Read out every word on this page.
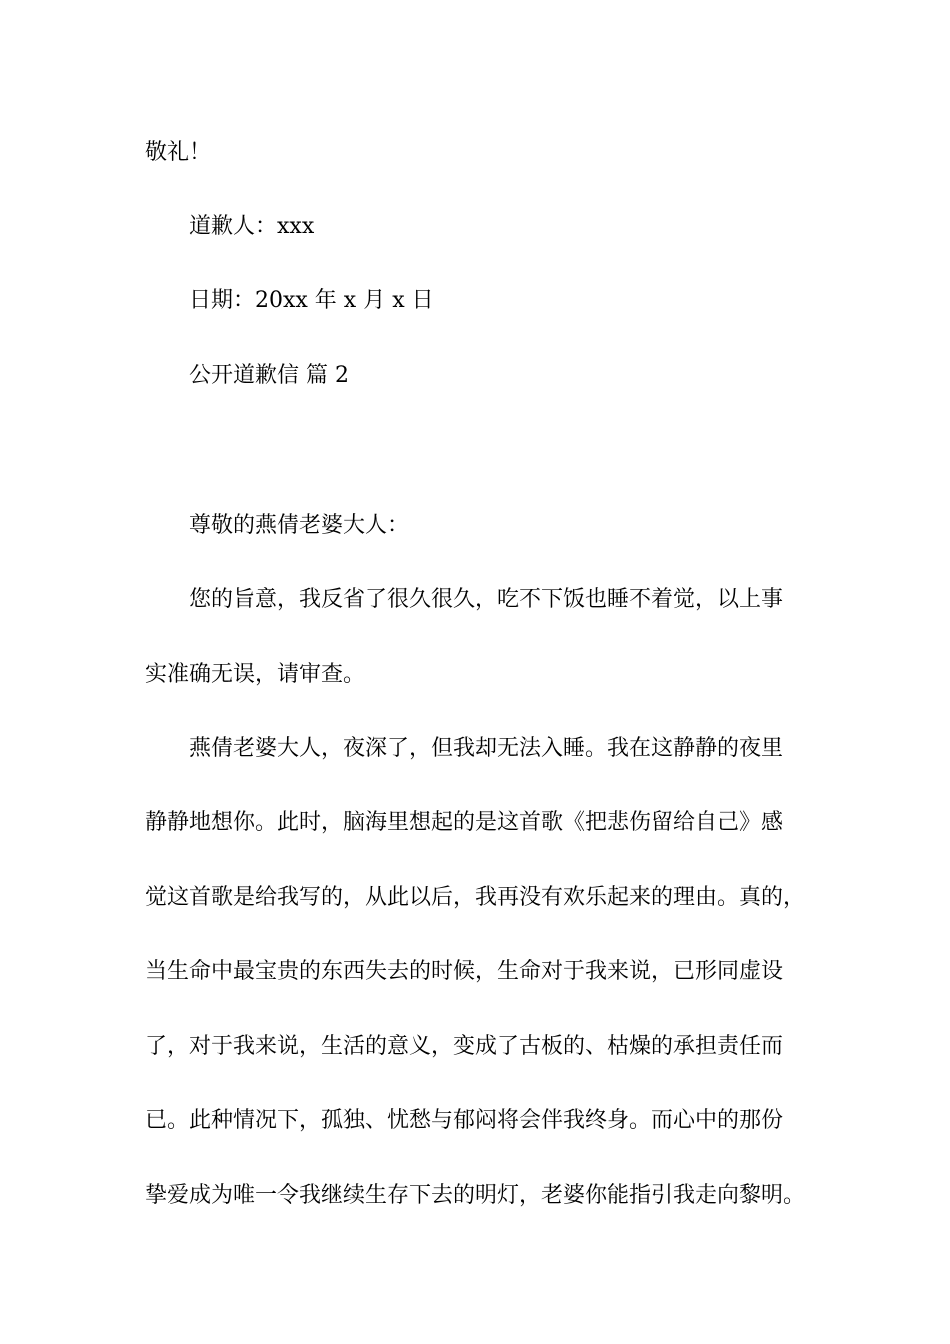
敬礼！
道歉人：xxx
日期：20xx 年 x 月 x 日
公开道歉信 篇 2
尊敬的燕倩老婆大人：
您的旨意，我反省了很久很久，吃不下饭也睡不着觉，以上事
实准确无误，请审查。
燕倩老婆大人，夜深了，但我却无法入睡。我在这静静的夜里
静静地想你。此时，脑海里想起的是这首歌《把悲伤留给自己》感
觉这首歌是给我写的，从此以后，我再没有欢乐起来的理由。真的，
当生命中最宝贵的东西失去的时候，生命对于我来说，已形同虚设
了，对于我来说，生活的意义，变成了古板的、枯燥的承担责任而
已。此种情况下，孤独、忧愁与郁闷将会伴我终身。而心中的那份
挚爱成为唯一令我继续生存下去的明灯，老婆你能指引我走向黎明。
